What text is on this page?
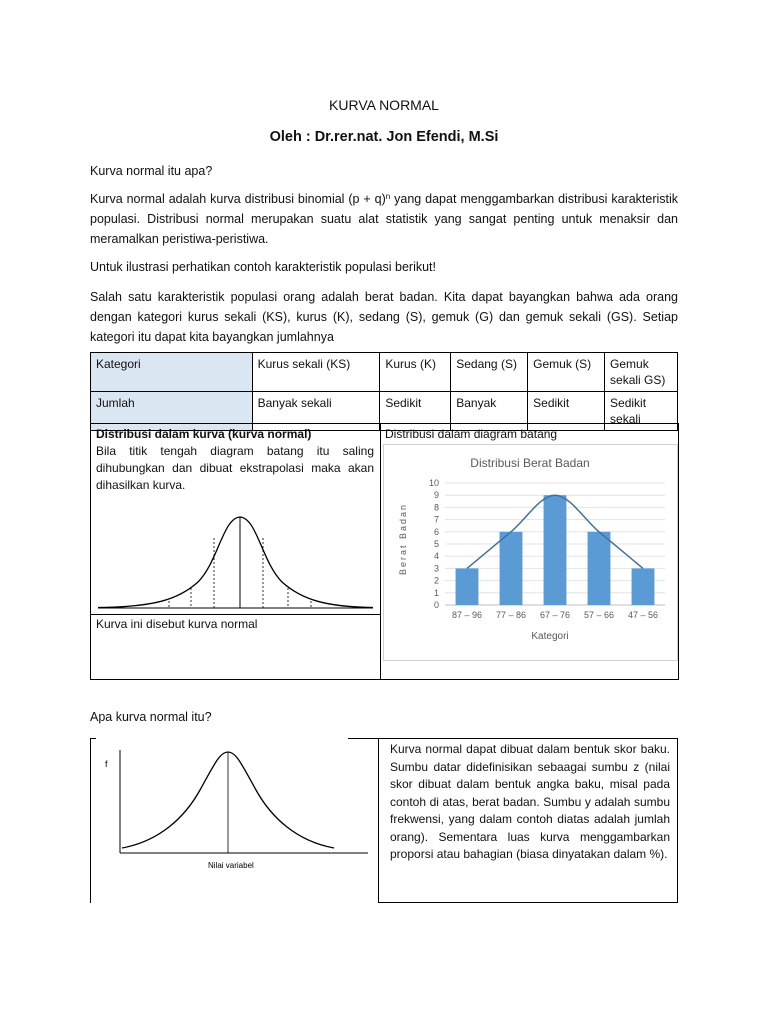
KURVA NORMAL
Oleh : Dr.rer.nat. Jon Efendi, M.Si
Kurva normal itu apa?
Kurva normal adalah kurva distribusi binomial $(p + q)^n$ yang dapat menggambarkan distribusi karakteristik populasi. Distribusi normal merupakan suatu alat statistik yang sangat penting untuk menaksir dan meramalkan peristiwa-peristiwa.
Untuk ilustrasi perhatikan contoh karakteristik populasi berikut!
Salah satu karakteristik populasi orang adalah berat badan. Kita dapat bayangkan bahwa ada orang dengan kategori kurus sekali (KS), kurus (K), sedang (S), gemuk (G) dan gemuk sekali (GS). Setiap kategori itu dapat kita bayangkan jumlahnya
Kategori	Kurus sekali (KS)	Kurus (K)	Sedang (S)	Gemuk (S)	Gemuk sekali GS)
Jumlah	Banyak sekali	Sedikit	Banyak	Sedikit	Sedikit sekali
Distribusi dalam kurva (kurva normal)
Bila titik tengah diagram batang itu saling dihubungkan dan dibuat ekstrapolasi maka akan dihasilkan kurva.
Kurva ini disebut kurva normal
Distribusi dalam diagram batang
Distribusi Berat Badan
0
1
2
3
4
5
6
7
8
9
10
87 – 96 77 – 86 67 – 76 57 – 66 47 – 56
Berat Badan
Kategori
Apa kurva normal itu?
f
Nilai variabel
Kurva normal dapat dibuat dalam bentuk skor baku. Sumbu datar didefinisikan sebaagai sumbu z (nilai skor dibuat dalam bentuk angka baku, misal pada contoh di atas, berat badan. Sumbu y adalah sumbu frekwensi, yang dalam contoh diatas adalah jumlah orang). Sementara luas kurva menggambarkan proporsi atau bahagian (biasa dinyatakan dalam %).
